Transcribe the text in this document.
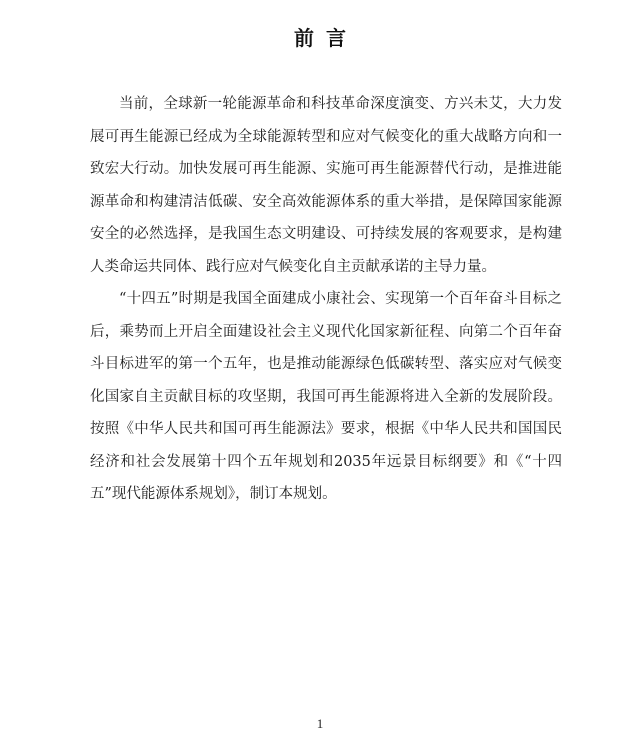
前言

当前，全球新一轮能源革命和科技革命深度演变、方兴未艾，大力发展可再生能源已经成为全球能源转型和应对气候变化的重大战略方向和一致宏大行动。加快发展可再生能源、实施可再生能源替代行动，是推进能源革命和构建清洁低碳、安全高效能源体系的重大举措，是保障国家能源安全的必然选择，是我国生态文明建设、可持续发展的客观要求，是构建人类命运共同体、践行应对气候变化自主贡献承诺的主导力量。

“十四五”时期是我国全面建成小康社会、实现第一个百年奋斗目标之后，乘势而上开启全面建设社会主义现代化国家新征程、向第二个百年奋斗目标进军的第一个五年，也是推动能源绿色低碳转型、落实应对气候变化国家自主贡献目标的攻坚期，我国可再生能源将进入全新的发展阶段。按照《中华人民共和国可再生能源法》要求，根据《中华人民共和国国民经济和社会发展第十四个五年规划和2035年远景目标纲要》和《“十四五”现代能源体系规划》，制订本规划。

1
